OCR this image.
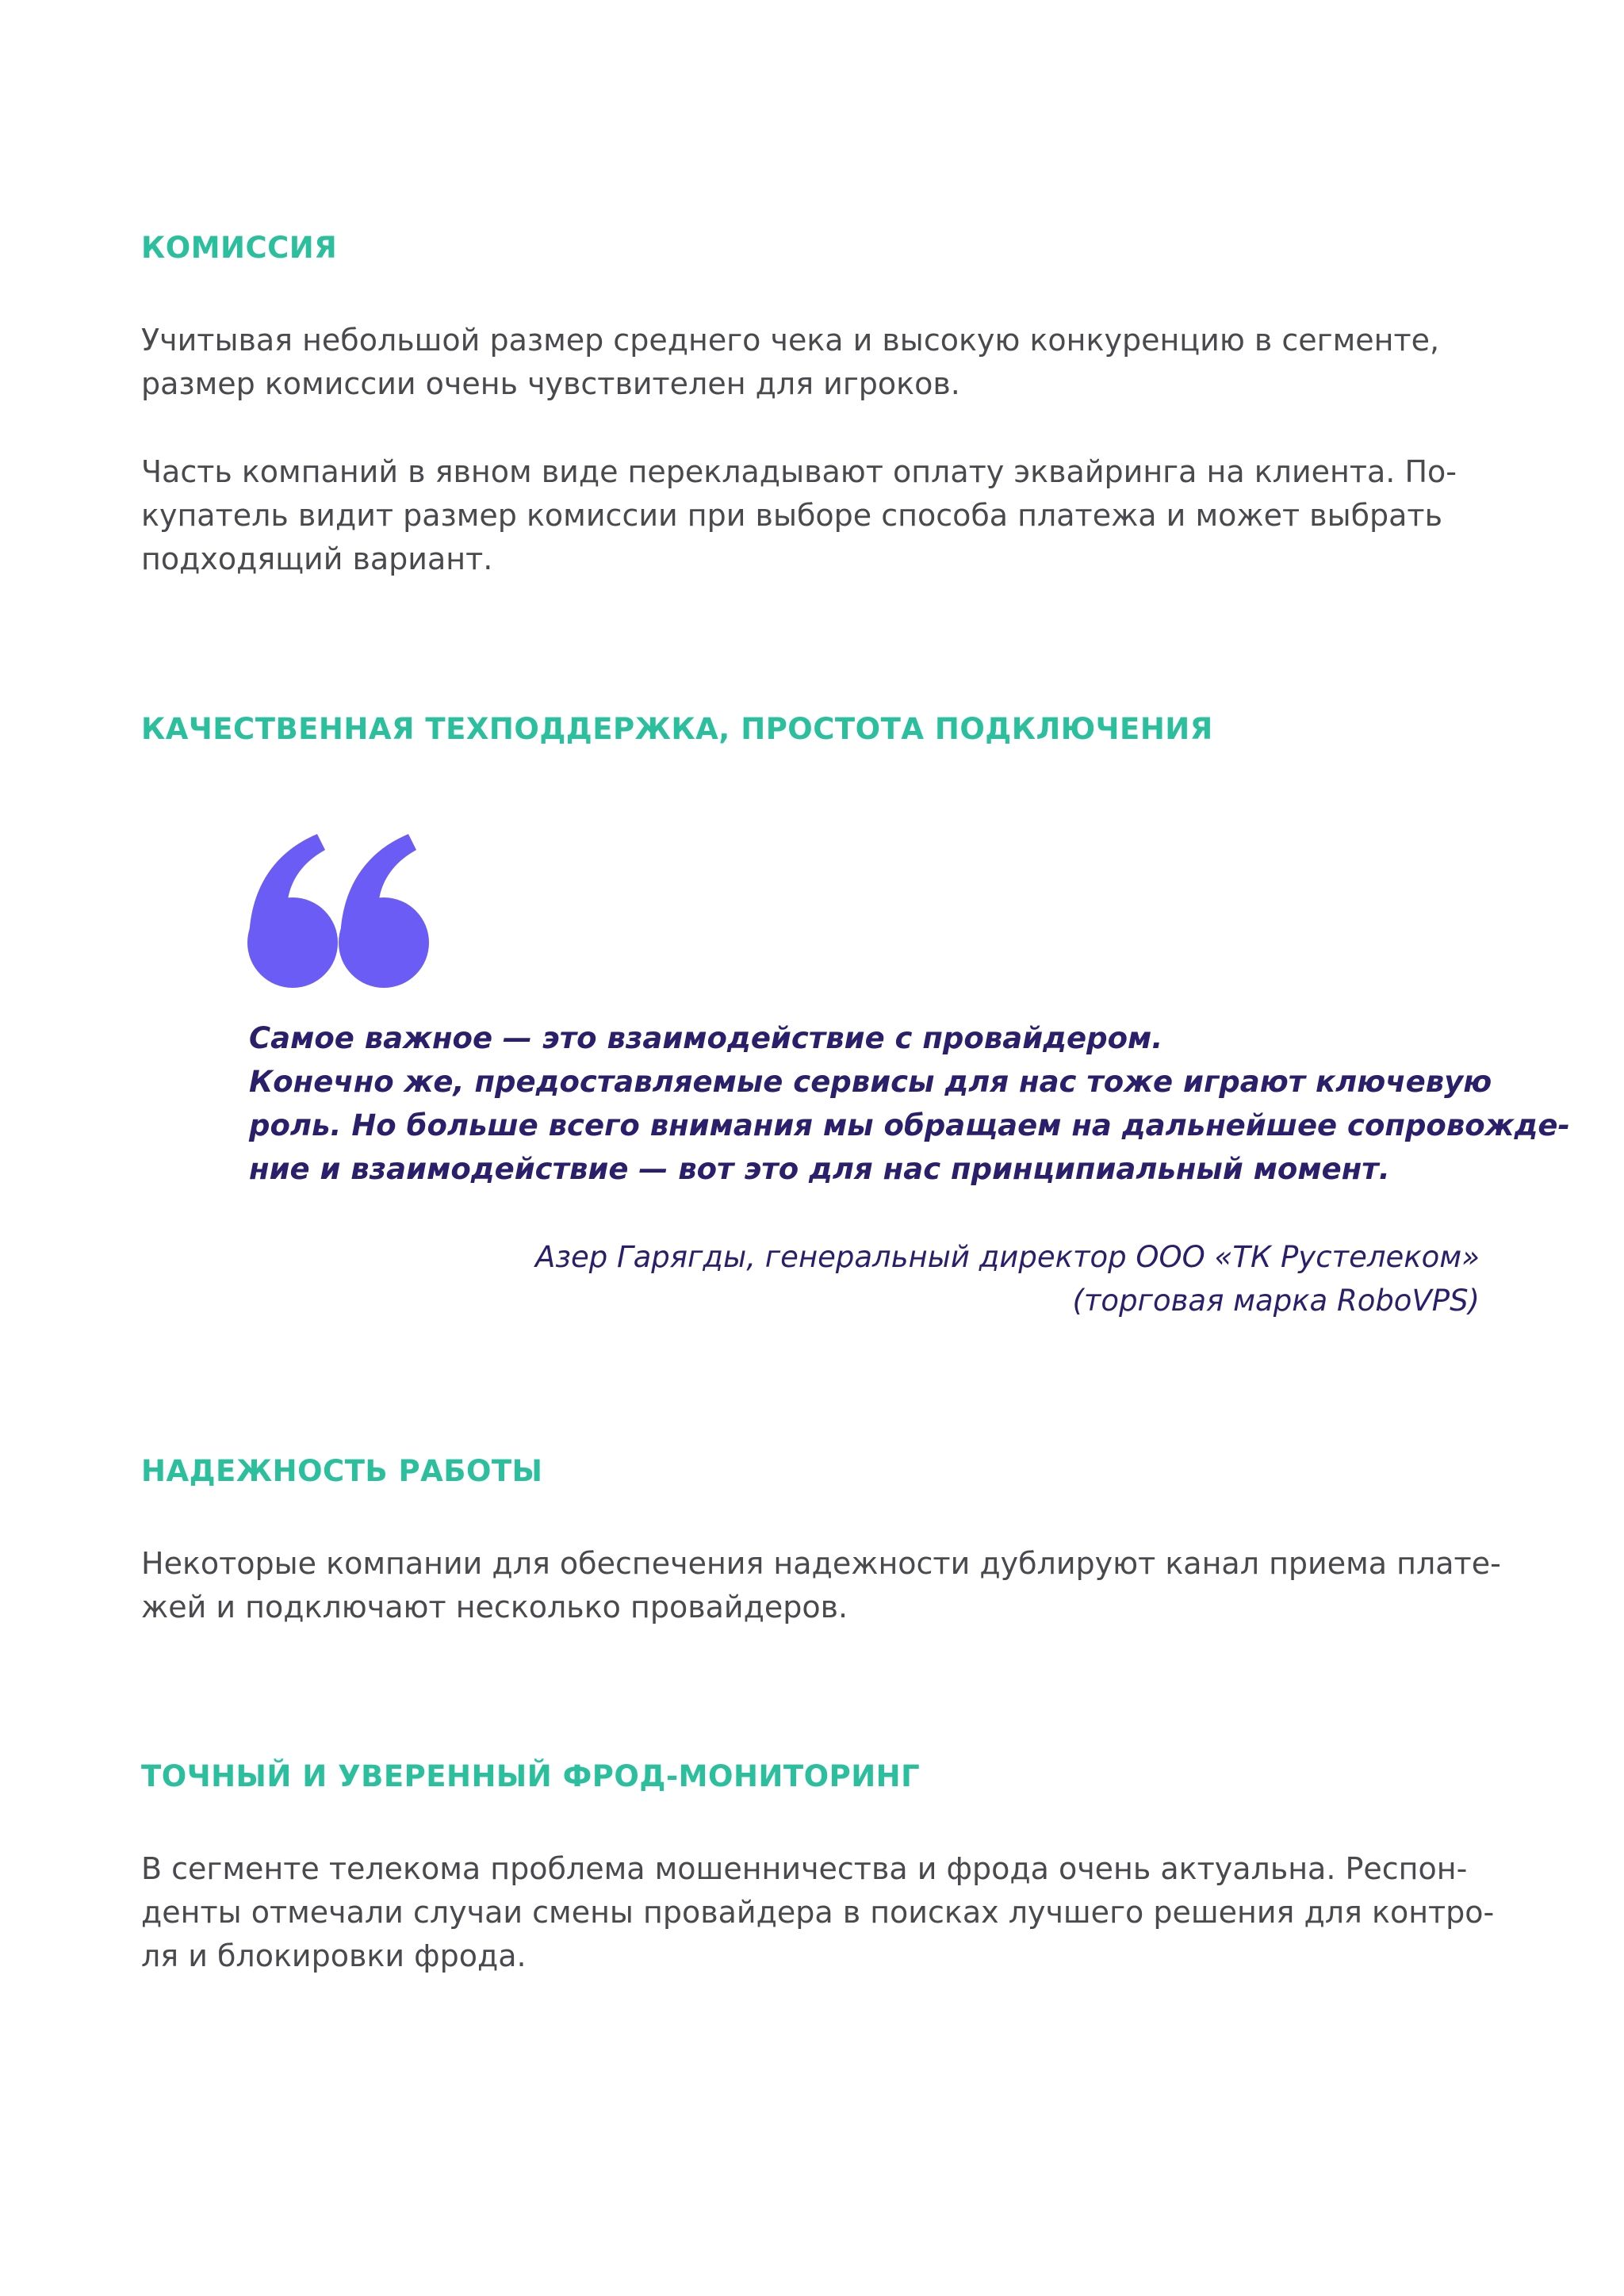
КОМИССИЯ

Учитывая небольшой размер среднего чека и высокую конкуренцию в сегменте,
размер комиссии очень чувствителен для игроков.

Часть компаний в явном виде перекладывают оплату эквайринга на клиента. По-
купатель видит размер комиссии при выборе способа платежа и может выбрать
подходящий вариант.

КАЧЕСТВЕННАЯ ТЕХПОДДЕРЖКА, ПРОСТОТА ПОДКЛЮЧЕНИЯ

Самое важное — это взаимодействие с провайдером.
Конечно же, предоставляемые сервисы для нас тоже играют ключевую
роль. Но больше всего внимания мы обращаем на дальнейшее сопровожде-
ние и взаимодействие — вот это для нас принципиальный момент.

Азер Гарягды, генеральный директор ООО «ТК Рустелеком»
(торговая марка RoboVPS)

НАДЕЖНОСТЬ РАБОТЫ

Некоторые компании для обеспечения надежности дублируют канал приема плате-
жей и подключают несколько провайдеров.

ТОЧНЫЙ И УВЕРЕННЫЙ ФРОД-МОНИТОРИНГ

В сегменте телекома проблема мошенничества и фрода очень актуальна. Респон-
денты отмечали случаи смены провайдера в поисках лучшего решения для контро-
ля и блокировки фрода.
